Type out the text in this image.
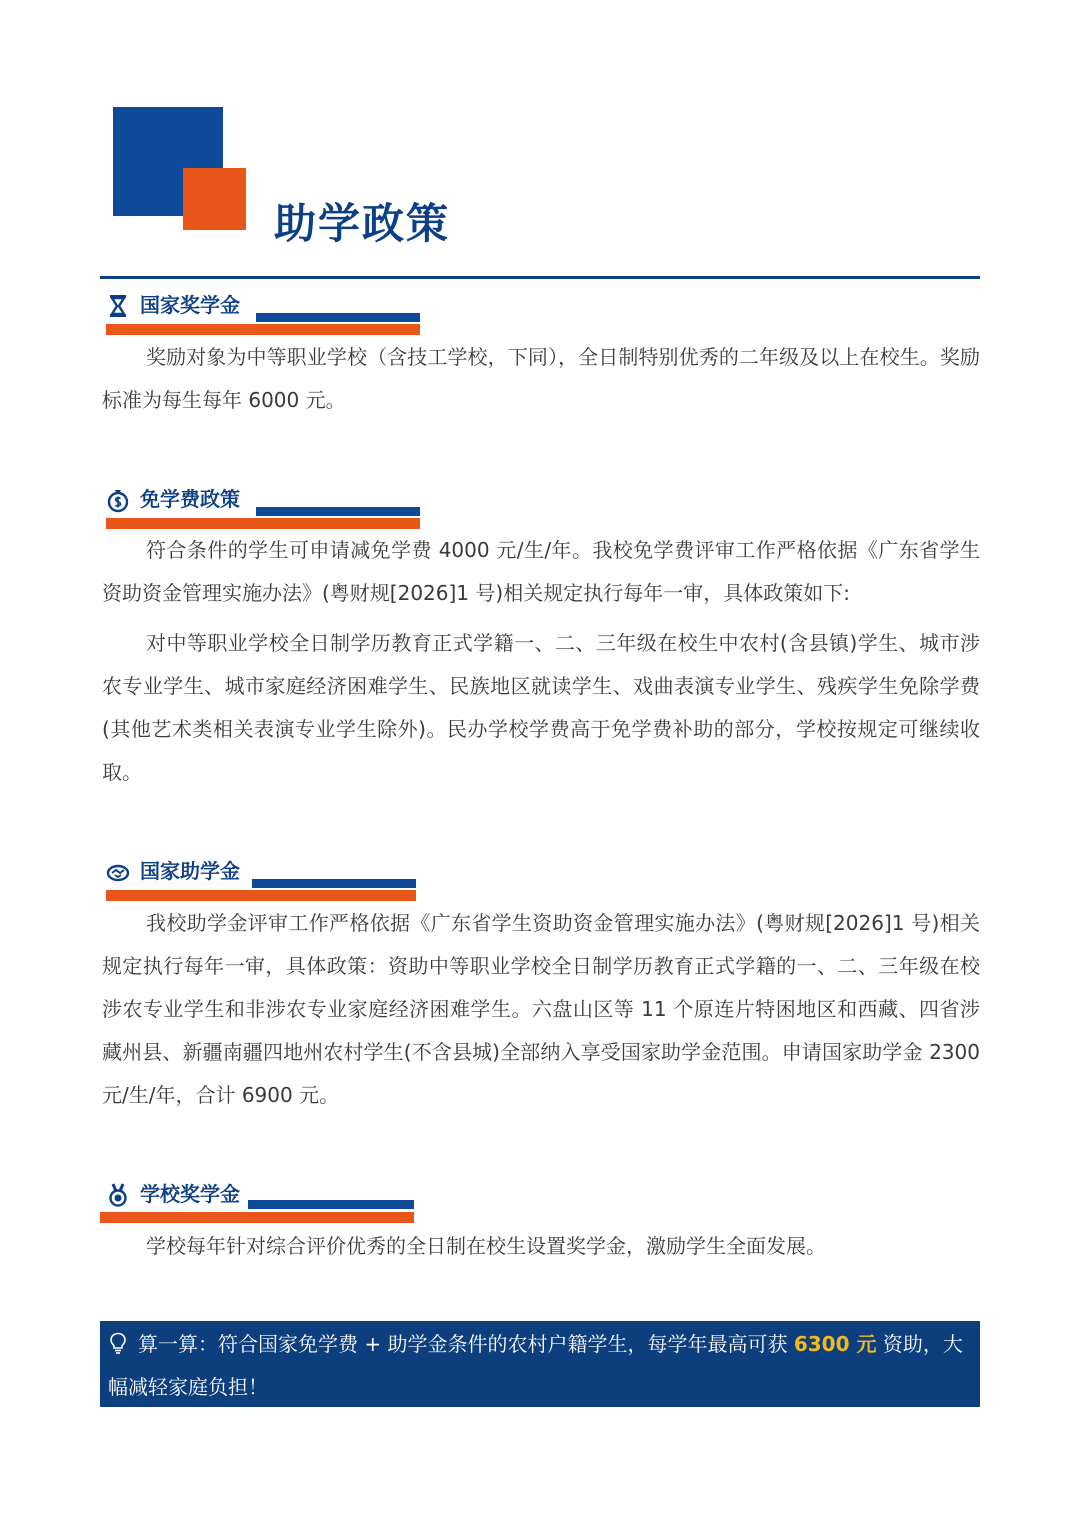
助学政策
国家奖学金

奖励对象为中等职业学校（含技工学校，下同），全日制特别优秀的二年级及以上在校生。奖励标准为每生每年 6000 元。

免学费政策

符合条件的学生可申请减免学费 4000 元/生/年。我校免学费评审工作严格依据《广东省学生资助资金管理实施办法》(粤财规[2026]1 号)相关规定执行每年一审，具体政策如下:

对中等职业学校全日制学历教育正式学籍一、二、三年级在校生中农村(含县镇)学生、城市涉农专业学生、城市家庭经济困难学生、民族地区就读学生、戏曲表演专业学生、残疾学生免除学费(其他艺术类相关表演专业学生除外)。民办学校学费高于免学费补助的部分，学校按规定可继续收取。

国家助学金

我校助学金评审工作严格依据《广东省学生资助资金管理实施办法》(粤财规[2026]1 号)相关规定执行每年一审，具体政策：资助中等职业学校全日制学历教育正式学籍的一、二、三年级在校涉农专业学生和非涉农专业家庭经济困难学生。六盘山区等 11 个原连片特困地区和西藏、四省涉藏州县、新疆南疆四地州农村学生(不含县城)全部纳入享受国家助学金范围。申请国家助学金 2300 元/生/年，合计 6900 元。

学校奖学金

学校每年针对综合评价优秀的全日制在校生设置奖学金，激励学生全面发展。

算一算：符合国家免学费 + 助学金条件的农村户籍学生，每学年最高可获 6300 元 资助，大幅减轻家庭负担！
